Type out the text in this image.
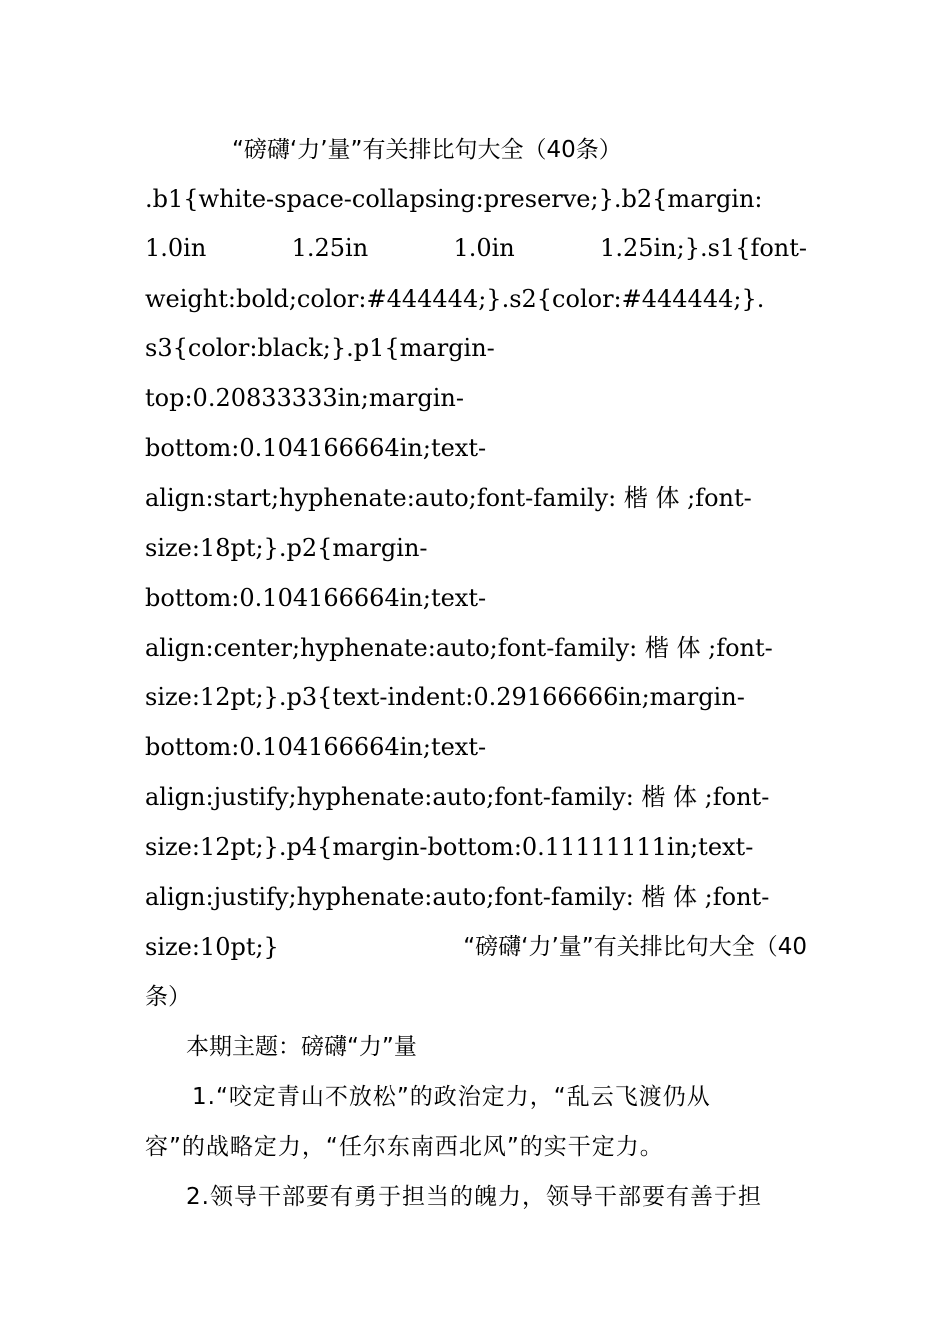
“磅礴‘力’量”有关排比句大全（40条）
.b1{white-space-collapsing:preserve;}.b2{margin:
1.0in	1.25in	1.0in	1.25in;}.s1{font-
weight:bold;color:#444444;}.s2{color:#444444;}.
s3{color:black;}.p1{margin-
top:0.20833333in;margin-
bottom:0.104166664in;text-
align:start;hyphenate:auto;font-family: 楷 体 ;font-
size:18pt;}.p2{margin-
bottom:0.104166664in;text-
align:center;hyphenate:auto;font-family: 楷 体 ;font-
size:12pt;}.p3{text-indent:0.29166666in;margin-
bottom:0.104166664in;text-
align:justify;hyphenate:auto;font-family: 楷 体 ;font-
size:12pt;}.p4{margin-bottom:0.11111111in;text-
align:justify;hyphenate:auto;font-family: 楷 体 ;font-
size:10pt;}	“磅礴‘力’量”有关排比句大全（40
条）
本期主题：磅礴“力”量
1.“咬定青山不放松”的政治定力，“乱云飞渡仍从
容”的战略定力，“任尔东南西北风”的实干定力。
2.领导干部要有勇于担当的魄力，领导干部要有善于担
